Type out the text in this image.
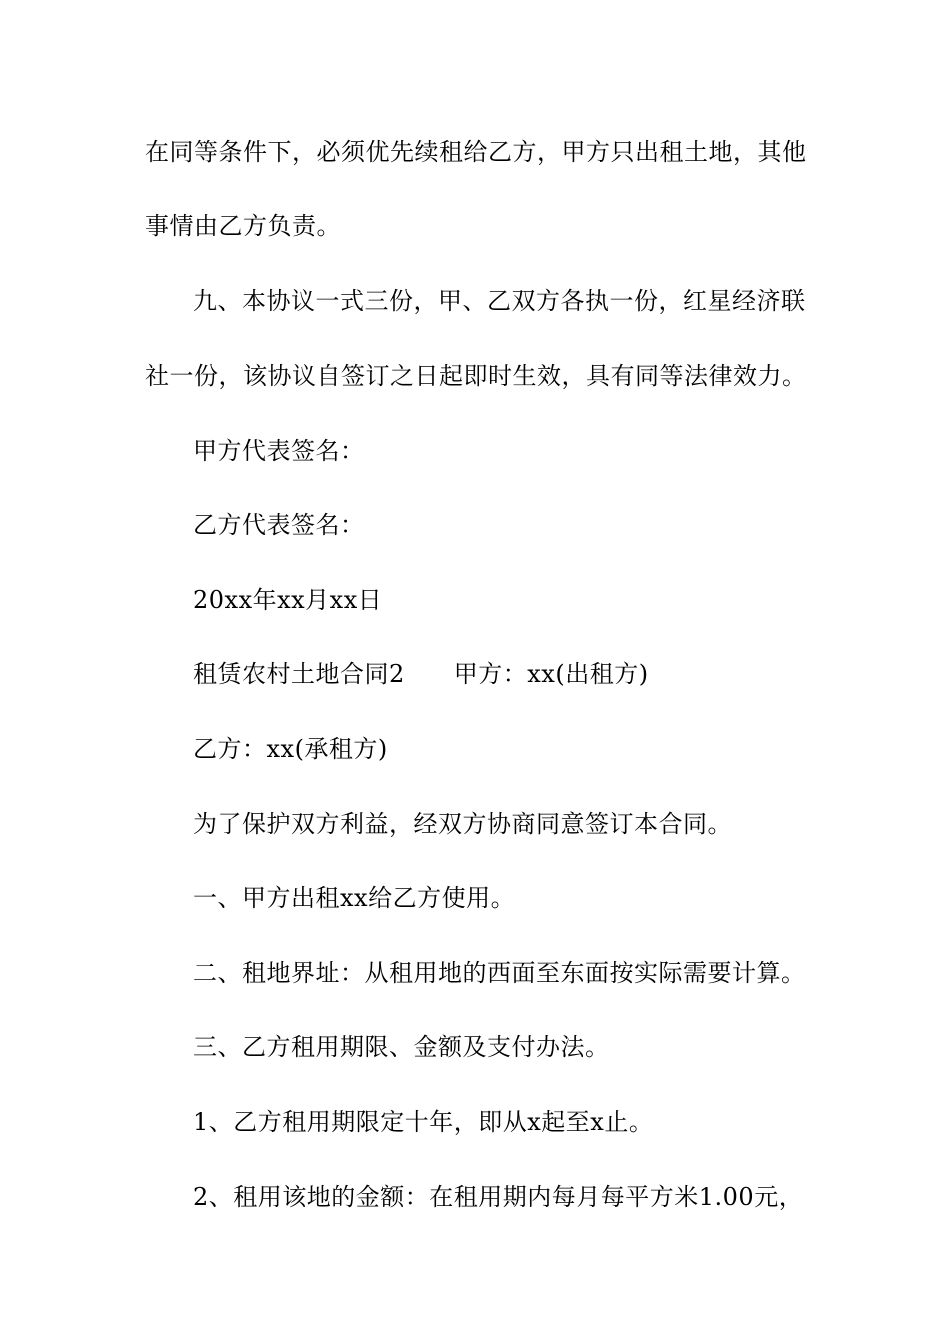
在同等条件下，必须优先续租给乙方，甲方只出租土地，其他
事情由乙方负责。
九、本协议一式三份，甲、乙双方各执一份，红星经济联
社一份，该协议自签订之日起即时生效，具有同等法律效力。
甲方代表签名：
乙方代表签名：
20xx年xx月xx日
租赁农村土地合同2　　甲方：xx(出租方)
乙方：xx(承租方)
为了保护双方利益，经双方协商同意签订本合同。
一、甲方出租xx给乙方使用。
二、租地界址：从租用地的西面至东面按实际需要计算。
三、乙方租用期限、金额及支付办法。
1、乙方租用期限定十年，即从x起至x止。
2、租用该地的金额：在租用期内每月每平方米1.00元，
